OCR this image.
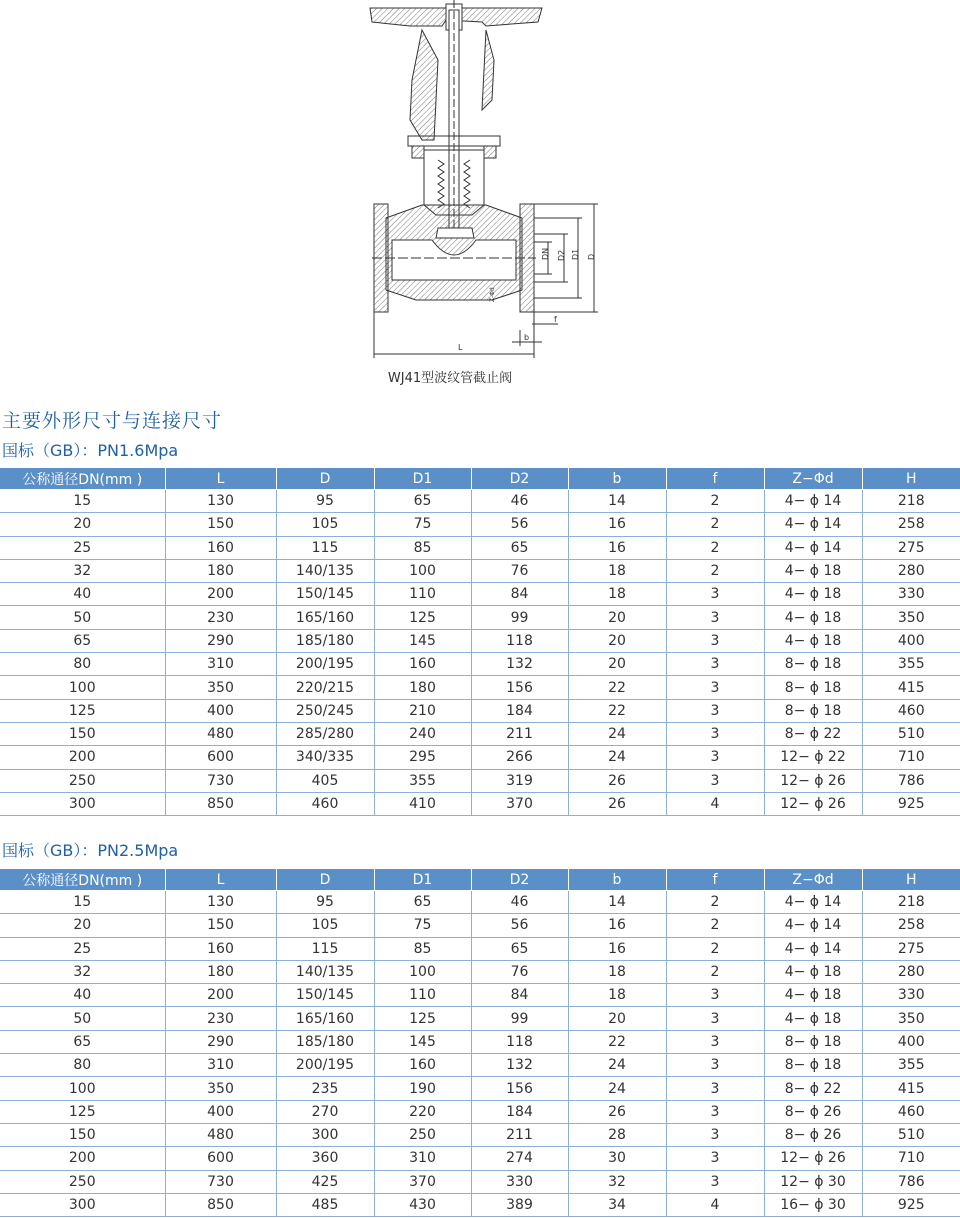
DN D2 D1 D
L
b
f
Z-Φd
WJ41型波纹管截止阀
主要外形尺寸与连接尺寸
国标（GB）：PN1.6Mpa
公称通径DN(mm )	L	D	D1	D2	b	f	Z−Φd	H
15	130	95	65	46	14	2	4− ϕ 14	218
20	150	105	75	56	16	2	4− ϕ 14	258
25	160	115	85	65	16	2	4− ϕ 14	275
32	180	140/135	100	76	18	2	4− ϕ 18	280
40	200	150/145	110	84	18	3	4− ϕ 18	330
50	230	165/160	125	99	20	3	4− ϕ 18	350
65	290	185/180	145	118	20	3	4− ϕ 18	400
80	310	200/195	160	132	20	3	8− ϕ 18	355
100	350	220/215	180	156	22	3	8− ϕ 18	415
125	400	250/245	210	184	22	3	8− ϕ 18	460
150	480	285/280	240	211	24	3	8− ϕ 22	510
200	600	340/335	295	266	24	3	12− ϕ 22	710
250	730	405	355	319	26	3	12− ϕ 26	786
300	850	460	410	370	26	4	12− ϕ 26	925
国标（GB）：PN2.5Mpa
公称通径DN(mm )	L	D	D1	D2	b	f	Z−Φd	H
15	130	95	65	46	14	2	4− ϕ 14	218
20	150	105	75	56	16	2	4− ϕ 14	258
25	160	115	85	65	16	2	4− ϕ 14	275
32	180	140/135	100	76	18	2	4− ϕ 18	280
40	200	150/145	110	84	18	3	4− ϕ 18	330
50	230	165/160	125	99	20	3	4− ϕ 18	350
65	290	185/180	145	118	22	3	8− ϕ 18	400
80	310	200/195	160	132	24	3	8− ϕ 18	355
100	350	235	190	156	24	3	8− ϕ 22	415
125	400	270	220	184	26	3	8− ϕ 26	460
150	480	300	250	211	28	3	8− ϕ 26	510
200	600	360	310	274	30	3	12− ϕ 26	710
250	730	425	370	330	32	3	12− ϕ 30	786
300	850	485	430	389	34	4	16− ϕ 30	925
